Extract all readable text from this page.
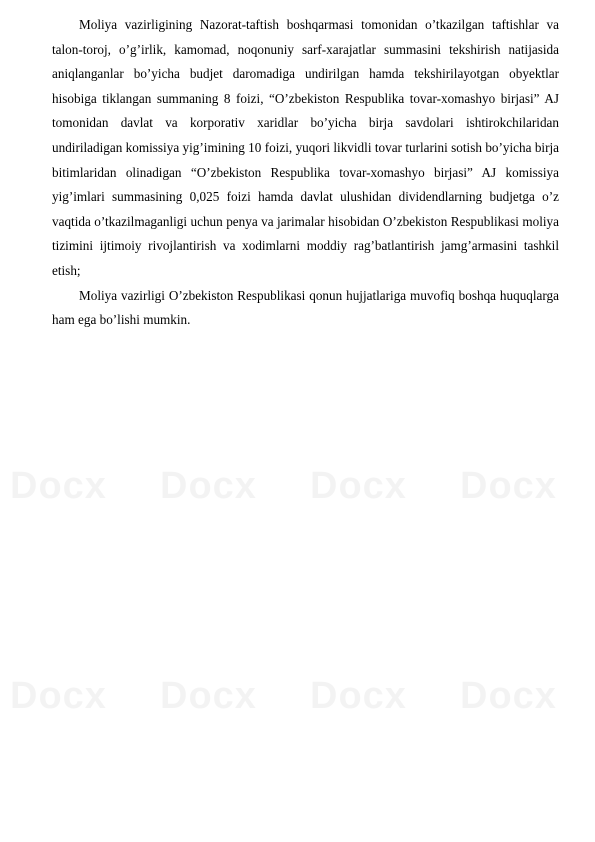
Moliya vazirligining Nazorat-taftish boshqarmasi tomonidan o’tkazilgan taftishlar va talon-toroj, o’g’irlik, kamomad, noqonuniy sarf-xarajatlar summasini tekshirish natijasida aniqlanganlar bo’yicha budjet daromadiga undirilgan hamda tekshirilayotgan obyektlar hisobiga tiklangan summaning 8 foizi, “O’zbekiston Respublika tovar-xomashyo birjasi” AJ tomonidan davlat va korporativ xaridlar bo’yicha birja savdolari ishtirokchilaridan undiriladigan komissiya yig’imining 10 foizi, yuqori likvidli tovar turlarini sotish bo’yicha birja bitimlaridan olinadigan “O’zbekiston Respublika tovar-xomashyo birjasi” AJ komissiya yig’imlari summasining 0,025 foizi hamda davlat ulushidan dividendlarning budjetga o’z vaqtida o’tkazilmaganligi uchun penya va jarimalar hisobidan O’zbekiston Respublikasi moliya tizimini ijtimoiy rivojlantirish va xodimlarni moddiy rag’batlantirish jamg’armasini tashkil etish;

Moliya vazirligi O’zbekiston Respublikasi qonun hujjatlariga muvofiq boshqa huquqlarga ham ega bo’lishi mumkin.
